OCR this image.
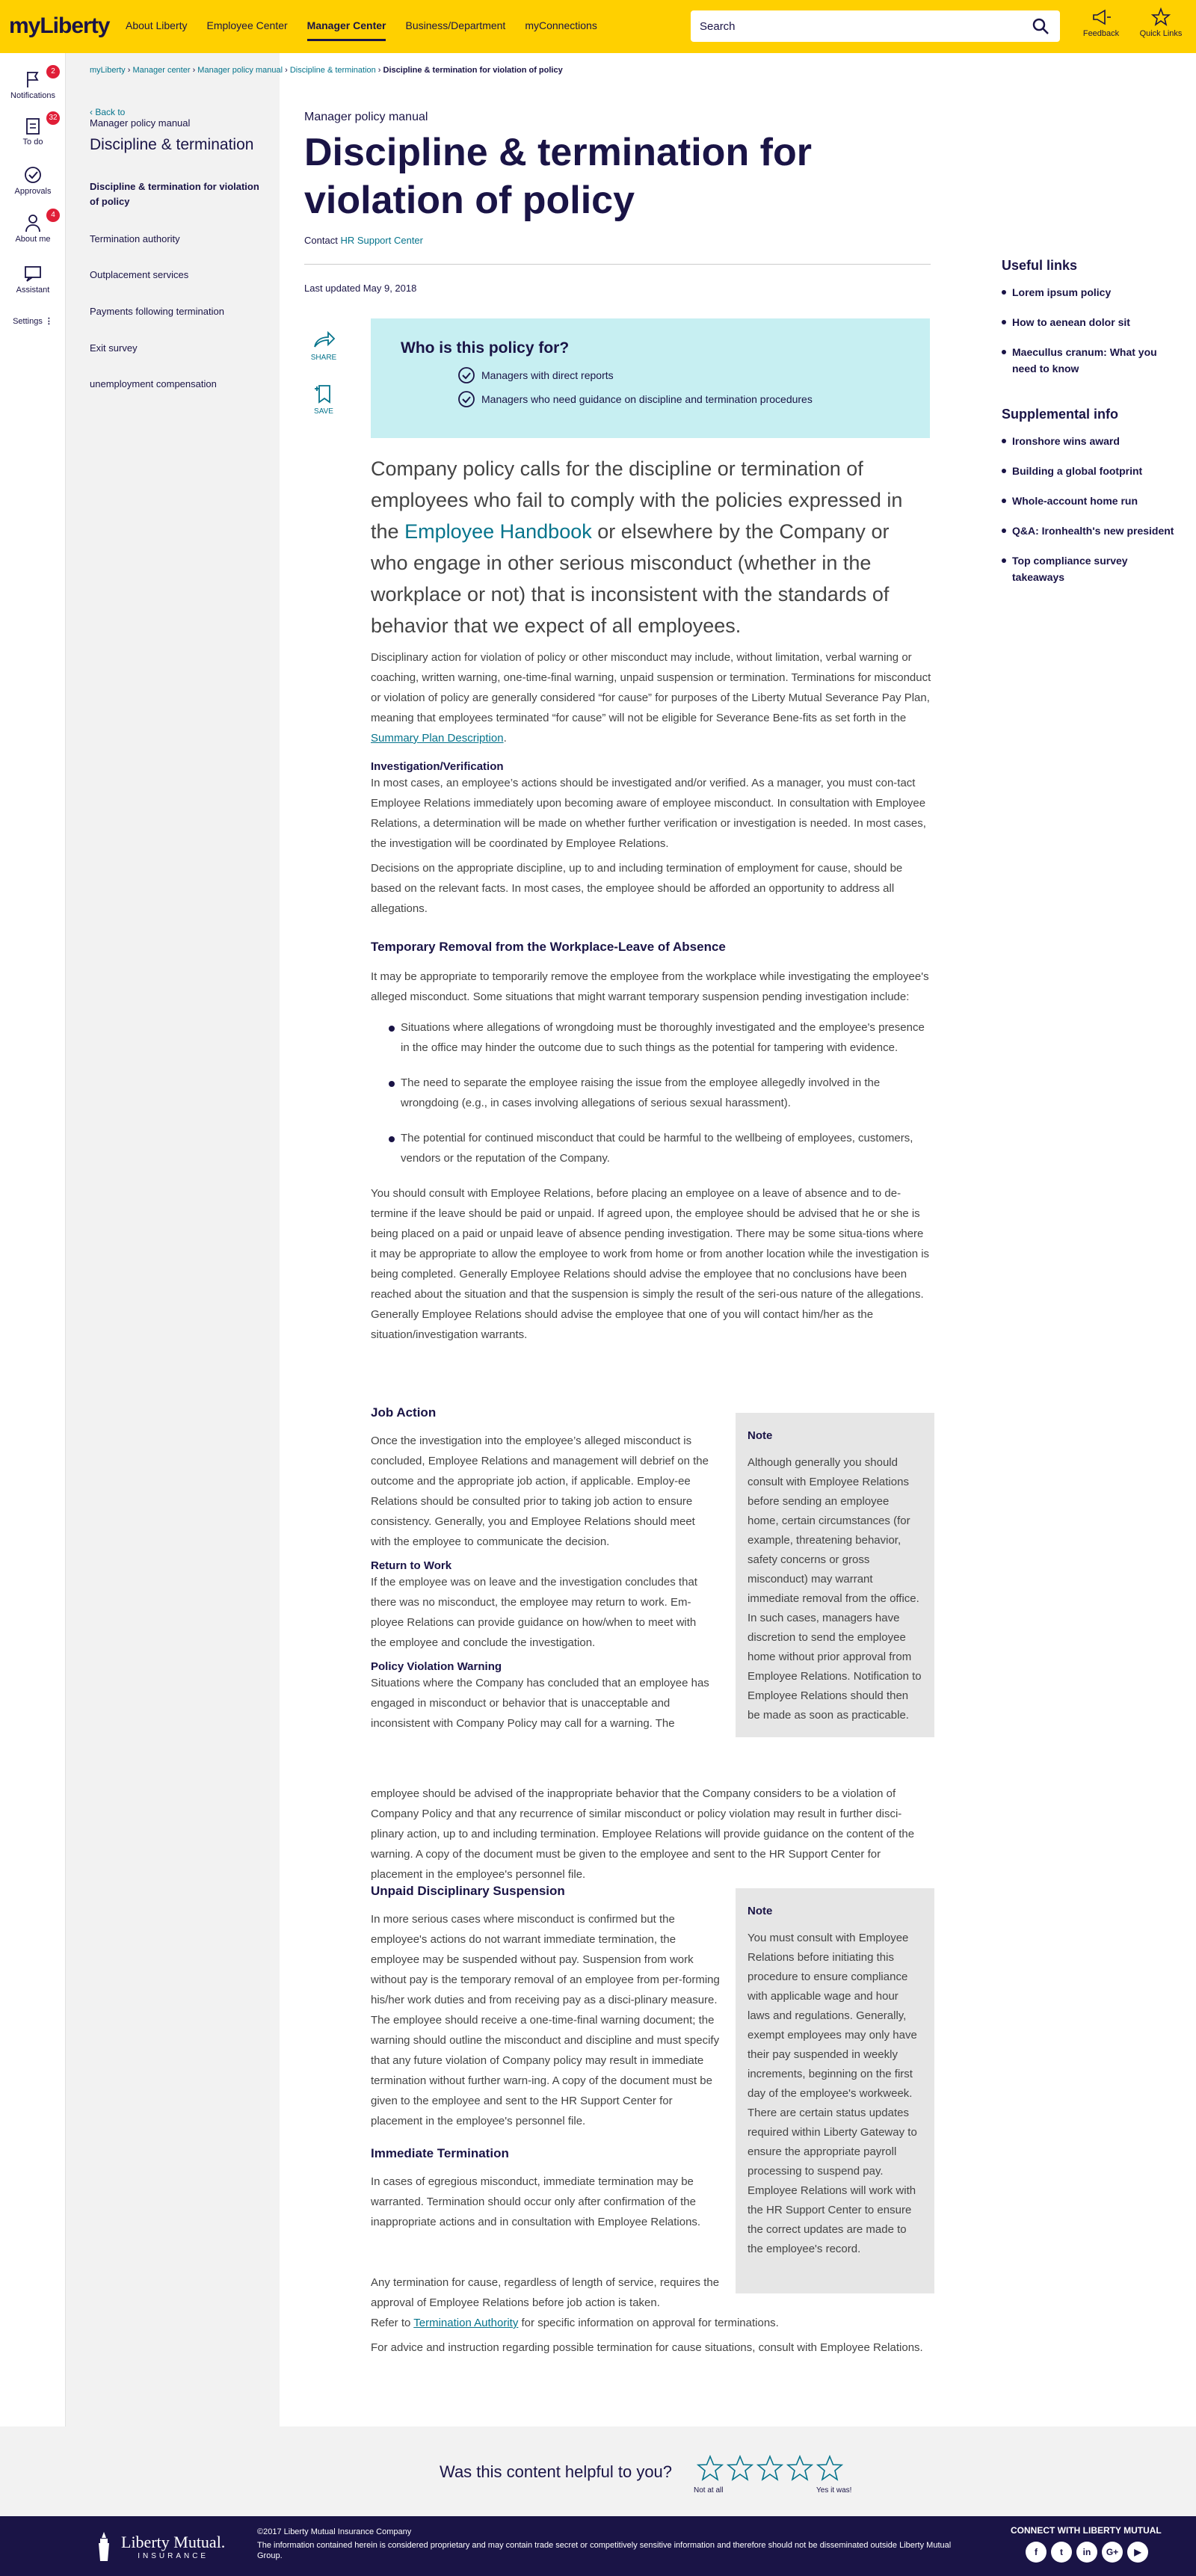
myLiberty About Liberty Employee Center Manager Center Business/Department myConnections	Search
Feedback	Quick Links
Notifications
2
To do
32
Approvals
About me
4
Assistant
Settings ⋮
myLiberty › Manager center › Manager policy manual › Discipline & termination › Discipline & termination for violation of policy
‹ Back to
Manager policy manual
Discipline & termination
Discipline & termination for violation of policy
Termination authority
Outplacement services
Payments following termination
Exit survey
unemployment compensation
Manager policy manual
Discipline & termination for violation of policy
Contact HR Support Center
Last updated May 9, 2018
SHARE
SAVE
Who is this policy for?
Managers with direct reports
Managers who need guidance on discipline and termination procedures
Company policy calls for the discipline or termination of employees who fail to comply with the policies expressed in the Employee Handbook or elsewhere by the Company or who engage in other serious misconduct (whether in the workplace or not) that is inconsistent with the standards of behavior that we expect of all employees.
Disciplinary action for violation of policy or other misconduct may include, without limitation, verbal warning or coaching, written warning, one-time-final warning, unpaid suspension or termination. Terminations for misconduct or violation of policy are generally considered “for cause” for purposes of the Liberty Mutual Severance Pay Plan, meaning that employees terminated “for cause” will not be eligible for Severance Bene-fits as set forth in the Summary Plan Description.
Investigation/Verification
In most cases, an employee’s actions should be investigated and/or verified. As a manager, you must con-tact Employee Relations immediately upon becoming aware of employee misconduct. In consultation with Employee Relations, a determination will be made on whether further verification or investigation is needed. In most cases, the investigation will be coordinated by Employee Relations.
Decisions on the appropriate discipline, up to and including termination of employment for cause, should be based on the relevant facts. In most cases, the employee should be afforded an opportunity to address all allegations.
Temporary Removal from the Workplace-Leave of Absence
It may be appropriate to temporarily remove the employee from the workplace while investigating the employee's alleged misconduct. Some situations that might warrant temporary suspension pending investigation include:
Situations where allegations of wrongdoing must be thoroughly investigated and the employee's presence in the office may hinder the outcome due to such things as the potential for tampering with evidence.
The need to separate the employee raising the issue from the employee allegedly involved in the wrongdoing (e.g., in cases involving allegations of serious sexual harassment).
The potential for continued misconduct that could be harmful to the wellbeing of employees, customers, vendors or the reputation of the Company.
You should consult with Employee Relations, before placing an employee on a leave of absence and to de-termine if the leave should be paid or unpaid. If agreed upon, the employee should be advised that he or she is being placed on a paid or unpaid leave of absence pending investigation. There may be some situa-tions where it may be appropriate to allow the employee to work from home or from another location while the investigation is being completed. Generally Employee Relations should advise the employee that no conclusions have been reached about the situation and that the suspension is simply the result of the seri-ous nature of the allegations. Generally Employee Relations should advise the employee that one of you will contact him/her as the situation/investigation warrants.
Job Action
Once the investigation into the employee’s alleged misconduct is concluded, Employee Relations and management will debrief on the outcome and the appropriate job action, if applicable. Employ-ee Relations should be consulted prior to taking job action to ensure consistency. Generally, you and Employee Relations should meet with the employee to communicate the decision.
Return to Work
If the employee was on leave and the investigation concludes that there was no misconduct, the employee may return to work. Em-ployee Relations can provide guidance on how/when to meet with the employee and conclude the investigation.
Policy Violation Warning
Situations where the Company has concluded that an employee has engaged in misconduct or behavior that is unacceptable and inconsistent with Company Policy may call for a warning. The
Note
Although generally you should consult with Employee Relations before sending an employee home, certain circumstances (for example, threatening behavior, safety concerns or gross misconduct) may warrant immediate removal from the office. In such cases, managers have discretion to send the employee home without prior approval from Employee Relations. Notification to Employee Relations should then be made as soon as practicable.
employee should be advised of the inappropriate behavior that the Company considers to be a violation of Company Policy and that any recurrence of similar misconduct or policy violation may result in further disci-plinary action, up to and including termination. Employee Relations will provide guidance on the content of the warning. A copy of the document must be given to the employee and sent to the HR Support Center for placement in the employee's personnel file.
Unpaid Disciplinary Suspension
In more serious cases where misconduct is confirmed but the employee's actions do not warrant immediate termination, the employee may be suspended without pay. Suspension from work without pay is the temporary removal of an employee from per-forming his/her work duties and from receiving pay as a disci-plinary measure. The employee should receive a one-time-final warning document; the warning should outline the misconduct and discipline and must specify that any future violation of Company policy may result in immediate termination without further warn-ing. A copy of the document must be given to the employee and sent to the HR Support Center for placement in the employee's personnel file.
Immediate Termination
In cases of egregious misconduct, immediate termination may be warranted. Termination should occur only after confirmation of the inappropriate actions and in consultation with Employee Relations.
Note
You must consult with Employee Relations before initiating this procedure to ensure compliance with applicable wage and hour laws and regulations. Generally, exempt employees may only have their pay suspended in weekly increments, beginning on the first day of the employee's workweek. There are certain status updates required within Liberty Gateway to ensure the appropriate payroll processing to suspend pay. Employee Relations will work with the HR Support Center to ensure the correct updates are made to the employee's record.
Any termination for cause, regardless of length of service, requires the approval of Employee Relations before job action is taken.
Refer to Termination Authority for specific information on approval for terminations.
For advice and instruction regarding possible termination for cause situations, consult with Employee Relations.
Useful links
Lorem ipsum policy
How to aenean dolor sit
Maecullus cranum: What you need to know
Supplemental info
Ironshore wins award
Building a global footprint
Whole-account home run
Q&A: Ironhealth's new president
Top compliance survey takeaways
Was this content helpful to you?
Not at all	Yes it was!
Liberty Mutual.
INSURANCE
©2017 Liberty Mutual Insurance Company
The information contained herein is considered proprietary and may contain trade secret or competitively sensitive information and therefore should not be disseminated outside Liberty Mutual Group.
CONNECT WITH LIBERTY MUTUAL
f	t	in	G+	▶
